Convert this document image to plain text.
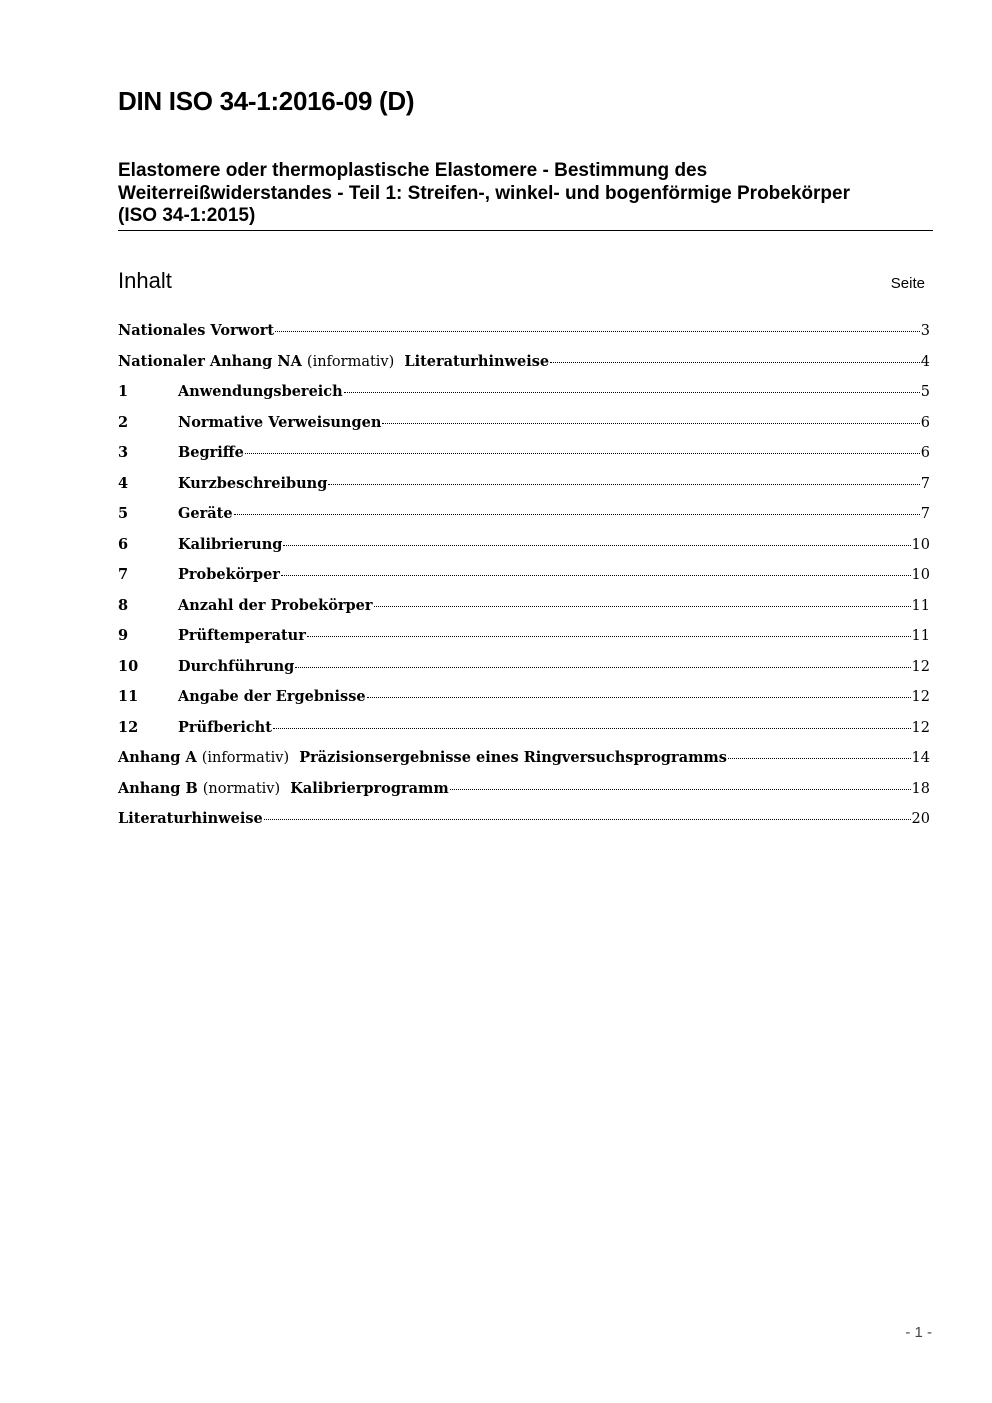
DIN ISO 34-1:2016-09 (D)
Elastomere oder thermoplastische Elastomere - Bestimmung des
Weiterreißwiderstandes - Teil 1: Streifen-, winkel- und bogenförmige Probekörper
(ISO 34-1:2015)
Inhalt	Seite
Nationales Vorwort	3
Nationaler Anhang NA (informativ)  Literaturhinweise	4
1	Anwendungsbereich	5
2	Normative Verweisungen	6
3	Begriffe	6
4	Kurzbeschreibung	7
5	Geräte	7
6	Kalibrierung	10
7	Probekörper	10
8	Anzahl der Probekörper	11
9	Prüftemperatur	11
10	Durchführung	12
11	Angabe der Ergebnisse	12
12	Prüfbericht	12
Anhang A (informativ)  Präzisionsergebnisse eines Ringversuchsprogramms	14
Anhang B (normativ)  Kalibrierprogramm	18
Literaturhinweise	20
- 1 -
